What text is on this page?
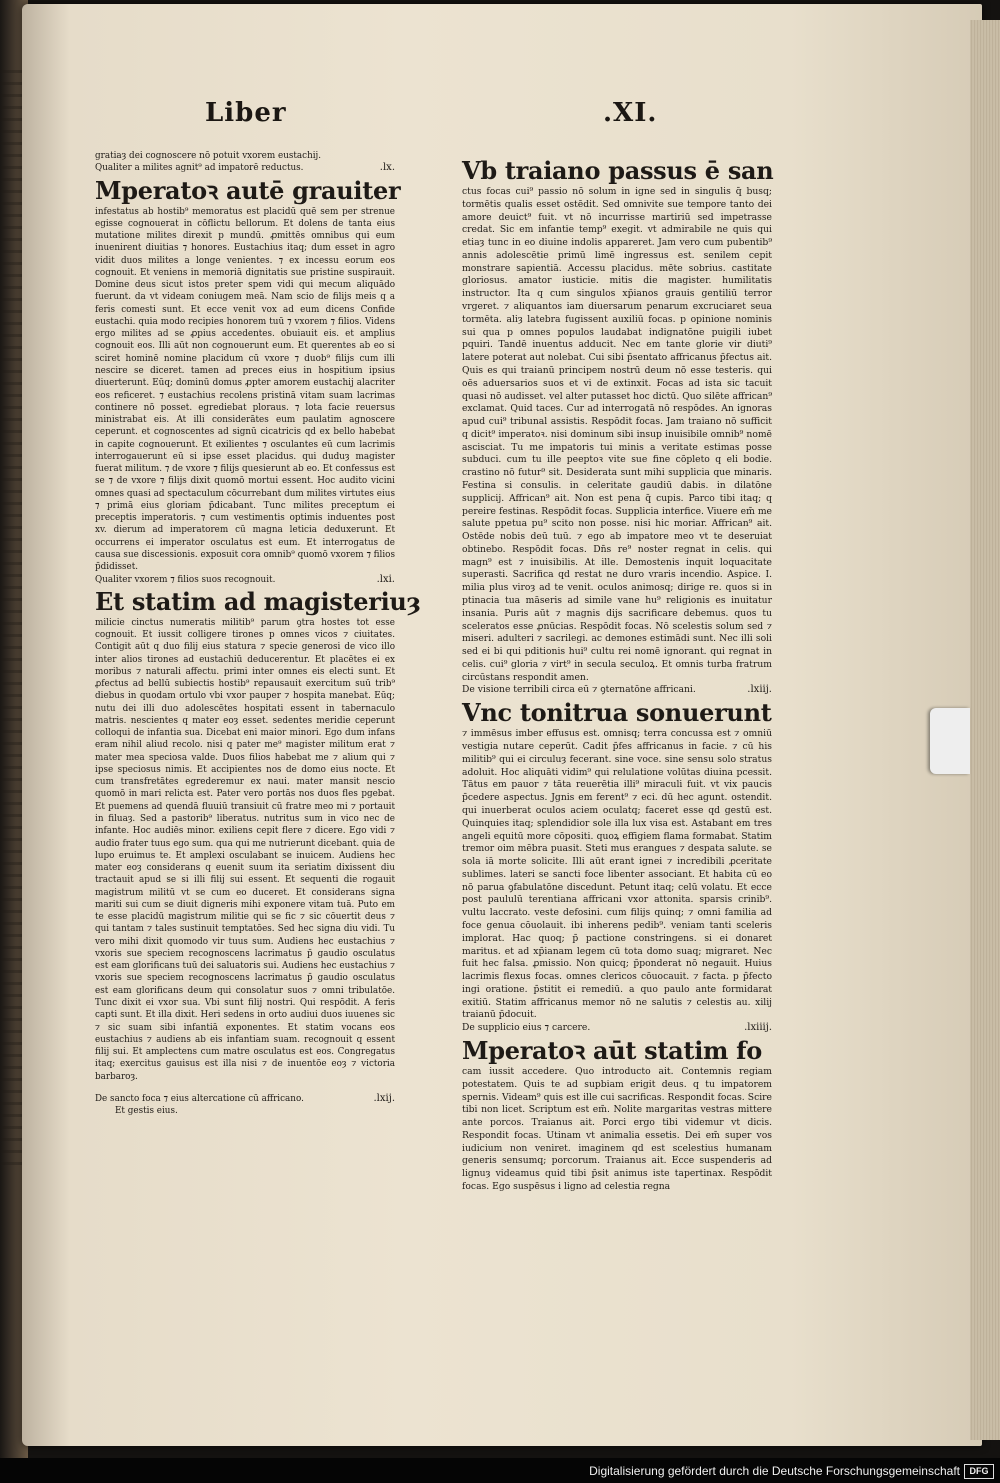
Liber	.XI.

gratiaȝ dei cognoscere nō potuit vxorem eustachij.

Qualiter a milites agnit⁹ ad impatorē reductus.	.lx.
Mperatoꝛ autē grauiter

infestatus ab hostib⁹ memoratus est placidū quē sem per strenue egisse cognouerat in cōflictu bellorum. Et dolens de tanta eius mutatione milites direxit p mundū. ꝓmittēs omnibus qui eum inuenirent diuitias ⁊ honores. Eustachius itaq; dum esset in agro vidit duos milites a longe venientes. ⁊ ex incessu eorum eos cognouit. Et veniens in memoriā dignitatis sue pristine suspirauit. Domine deus sicut istos preter spem vidi qui mecum aliquādo fuerunt. da vt videam coniugem meā. Nam scio de filijs meis q a feris comesti sunt. Et ecce venit vox ad eum dicens Confide eustachi. quia modo recipies honorem tuū ⁊ vxorem ⁊ filios. Videns ergo milites ad se ꝓpius accedentes. obuiauit eis. et amplius cognouit eos. Illi aūt non cognouerunt eum. Et querentes ab eo si sciret hominē nomine placidum cū vxore ⁊ duob⁹ filijs cum illi nescire se diceret. tamen ad preces eius in hospitium ipsius diuerterunt. Eūq; dominū domus ꝓpter amorem eustachij alacriter eos reficeret. ⁊ eustachius recolens pristinā vitam suam lacrimas continere nō posset. egrediebat ploraus. ⁊ lota facie reuersus ministrabat eis. At illi considerātes eum paulatim agnoscere ceperunt. et cognoscentes ad signū cicatricis qd ex bello habebat in capite cognouerunt. Et exilientes ⁊ osculantes eū cum lacrimis interrogauerunt eū si ipse esset placidus. qui duduȝ magister fuerat militum. ⁊ de vxore ⁊ filijs quesierunt ab eo. Et confessus est se ⁊ de vxore ⁊ filijs dixit quomō mortui essent. Hoc audito vicini omnes quasi ad spectaculum cōcurrebant dum milites virtutes eius ⁊ primā eius gloriam p̄dicabant. Tunc milites preceptum ei preceptis imperatoris. ⁊ cum vestimentis optimis induentes post xv. dierum ad imperatorem cū magna leticia deduxerunt. Et occurrens ei imperator osculatus est eum. Et interrogatus de causa sue discessionis. exposuit cora omnib⁹ quomō vxorem ⁊ filios p̄didisset.

Qualiter vxorem ⁊ filios suos recognouit.	.lxi.
Et statim ad magisteriuȝ

milicie cinctus numeratis militib⁹ parum ꝯtra hostes tot esse cognouit. Et iussit colligere tirones p omnes vicos ⁊ ciuitates. Contigit aūt q duo filij eius statura ⁊ specie generosi de vico illo inter alios tirones ad eustachiū deducerentur. Et placētes ei ex moribus ⁊ naturali affectu. primi inter omnes eis electi sunt. Et ꝓfectus ad bellū subiectis hostib⁹ repausauit exercitum suū trib⁹ diebus in quodam ortulo vbi vxor pauper ⁊ hospita manebat. Eūq; nutu dei illi duo adolescētes hospitati essent in tabernaculo matris. nescientes q mater eoȝ esset. sedentes meridie ceperunt colloqui de infantia sua. Dicebat eni maior minori. Ego dum infans eram nihil aliud recolo. nisi q pater me⁹ magister militum erat ⁊ mater mea speciosa valde. Duos filios habebat me ⁊ alium qui ⁊ ipse speciosus nimis. Et accipientes nos de domo eius nocte. Et cum transfretātes egrederemur ex naui. mater mansit nescio quomō in mari relicta est. Pater vero portās nos duos fles pgebat. Et puemens ad quendā fluuiū transiuit cū fratre meo mi ⁊ portauit in filuaȝ. Sed a pastorib⁹ liberatus. nutritus sum in vico nec de infante. Hoc audiēs minor. exiliens cepit flere ⁊ dicere. Ego vidi ⁊ audio frater tuus ego sum. qua qui me nutrierunt dicebant. quia de lupo eruimus te. Et amplexi osculabant se inuicem. Audiens hec mater eoȝ considerans q euenit suum ita seriatim dixissent diu tractauit apud se si illi filij sui essent. Et sequenti die rogauit magistrum militū vt se cum eo duceret. Et considerans signa mariti sui cum se diuit digneris mihi exponere vitam tuā. Puto em te esse placidū magistrum militie qui se fic ⁊ sic cōuertit deus ⁊ qui tantam ⁊ tales sustinuit temptatōes. Sed hec signa diu vidi. Tu vero mihi dixit quomodo vir tuus sum. Audiens hec eustachius ⁊ vxoris sue speciem recognoscens lacrimatus p̄ gaudio osculatus est eam glorificans tuū dei saluatoris sui. Audiens hec eustachius ⁊ vxoris sue speciem recognoscens lacrimatus p̄ gaudio osculatus est eam glorificans deum qui consolatur suos ⁊ omni tribulatōe. Tunc dixit ei vxor sua. Vbi sunt filij nostri. Qui respōdit. A feris capti sunt. Et illa dixit. Heri sedens in orto audiui duos iuuenes sic ⁊ sic suam sibi infantiā exponentes. Et statim vocans eos eustachius ⁊ audiens ab eis infantiam suam. recognouit q essent filij sui. Et amplectens cum matre osculatus est eos. Congregatus itaq; exercitus gauisus est illa nisi ⁊ de inuentōe eoȝ ⁊ victoria barbaroȝ.

De sancto foca ⁊ eius altercatione cū affricano.	.lxij.
Et gestis eius.
Vb traiano passus ē san

ctus focas cui⁹ passio nō solum in igne sed in singulis q̄ busq; tormētis qualis esset ostēdit. Sed omnivite sue tempore tanto dei amore deuict⁹ fuit. vt nō incurrisse martiriū sed impetrasse credat. Sic em infantie temp⁹ exegit. vt admirabile ne quis qui etiaȝ tunc in eo diuine indolis appareret. Jam vero cum pubentib⁹ annis adolescētie primū limē ingressus est. senilem cepit monstrare sapientiā. Accessu placidus. mēte sobrius. castitate gloriosus. amator iusticie. mitis die magister. humilitatis instructor. Ita q cum singulos xp̄ianos grauis gentiliū terror vrgeret. ⁊ aliquantos iam diuersarum penarum excruciaret seua tormēta. aliȝ latebra fugissent auxiliū focas. p opinione nominis sui qua p omnes populos laudabat indignatōne puigili iubet pquiri. Tandē inuentus adducit. Nec em tante glorie vir diuti⁹ latere poterat aut nolebat. Cui sibi p̄sentato affricanus p̄fectus ait. Quis es qui traianū principem nostrū deum nō esse testeris. qui oēs aduersarios suos et vi de extinxit. Focas ad ista sic tacuit quasi nō audisset. vel alter putasset hoc dictū. Quo silēte affrican⁹ exclamat. Quid taces. Cur ad interrogatā nō respōdes. An ignoras apud cui⁹ tribunal assistis. Respōdit focas. Jam traiano nō sufficit q dicit⁹ imperatoꝛ. nisi dominum sibi insup inuisibile omnib⁹ nomē ascisciat. Tu me impatoris tui minis a veritate estimas posse subduci. cum tu ille peeptoꝛ vite sue fine cōpleto q eli bodie. crastino nō futur⁹ sit. Desiderata sunt mihi supplicia que minaris. Festina si consulis. in celeritate gaudiū dabis. in dilatōne supplicij. Affrican⁹ ait. Non est pena q̄ cupis. Parco tibi itaq; q pereire festinas. Respōdit focas. Supplicia interfice. Viuere em̄ me salute ppetua pu⁹ scito non posse. nisi hic moriar. Affrican⁹ ait. Ostēde nobis deū tuū. ⁊ ego ab impatore meo vt te deseruiat obtinebo. Respōdit focas. Dn̄s re⁹ noster regnat in celis. qui magn⁹ est ⁊ inuisibilis. At ille. Demostenis inquit loquacitate superasti. Sacrifica qd restat ne duro vraris incendio. Aspice. I. milia plus viroȝ ad te venit. oculos animosq; dirige re. quos si in ptinacia tua māseris ad simile vane hu⁹ religionis es inuitatur insania. Puris aūt ⁊ magnis dijs sacrificare debemus. quos tu sceleratos esse ꝓnūcias. Respōdit focas. Nō scelestis solum sed ⁊ miseri. adulteri ⁊ sacrilegi. ac demones estimādi sunt. Nec illi soli sed ei bi qui pditionis hui⁹ cultu rei nomē ignorant. qui regnat in celis. cui⁹ gloria ⁊ virt⁹ in secula seculoꝝ. Et omnis turba fratrum circūstans respondit amen.

De visione terribili circa eū ⁊ ꝯternatōne affricani.	.lxiij.
Vnc tonitrua sonuerunt

⁊ immēsus imber effusus est. omnisq; terra concussa est ⁊ omniū vestigia nutare ceperūt. Cadit p̄fes affricanus in facie. ⁊ cū his militib⁹ qui ei circuluȝ fecerant. sine voce. sine sensu solo stratus adoluit. Hoc aliquāti vidim⁹ qui relulatione volūtas diuina pcessit. Tātus em pauor ⁊ tāta reuerētia illi⁹ miraculi fuit. vt vix paucis p̄cedere aspectus. Jgnis em ferent⁹ ⁊ eci. dū hec agunt. ostendit. qui inuerberat oculos aciem oculatq; faceret esse qd gestū est. Quinquies itaq; splendidior sole illa lux visa est. Astabant em tres angeli equitū more cōpositi. quoꝝ effigiem flama formabat. Statim tremor oim mēbra puasit. Steti mus erangues ⁊ despata salute. se sola iā morte solicite. Illi aūt erant ignei ⁊ incredibili ꝓceritate sublimes. lateri se sancti foce libenter associant. Et habita cū eo nō parua ꝯfabulatōne discedunt. Petunt itaq; celū volatu. Et ecce post paululū terentiana affricani vxor attonita. sparsis crinib⁹. vultu laccrato. veste defosini. cum filijs quinq; ⁊ omni familia ad foce genua cōuolauit. ibi inherens pedib⁹. veniam tanti sceleris implorat. Hac quoq; p̄ pactione constringens. si ei donaret maritus. et ad xp̄ianam legem cū tota domo suaq; migraret. Nec fuit hec falsa. ꝓmissio. Non quicq; p̄ponderat nō negauit. Huius lacrimis flexus focas. omnes clericos cōuocauit. ⁊ facta. p p̄fecto ingi oratione. p̄stitit ei remediū. a quo paulo ante formidarat exitiū. Statim affricanus memor nō ne salutis ⁊ celestis au. xilij traianū p̄docuit.

De supplicio eius ⁊ carcere.	.lxiiij.
Mperatoꝛ aūt statim fo

cam iussit accedere. Quo introducto ait. Contemnis regiam potestatem. Quis te ad supbiam erigit deus. q tu impatorem spernis. Videam⁹ quis est ille cui sacrificas. Respondit focas. Scire tibi non licet. Scriptum est em̄. Nolite margaritas vestras mittere ante porcos. Traianus ait. Porci ergo tibi videmur vt dicis. Respondit focas. Utinam vt animalia essetis. Dei em̄ super vos iudicium non veniret. imaginem qd est scelestius humanam generis sensumq; porcorum. Traianus ait. Ecce suspenderis ad lignuȝ videamus quid tibi p̄sit animus iste tapertinax. Respōdit focas. Ego suspēsus i ligno ad celestia regna

Digitalisierung gefördert durch die Deutsche Forschungsgemeinschaft	DFG
